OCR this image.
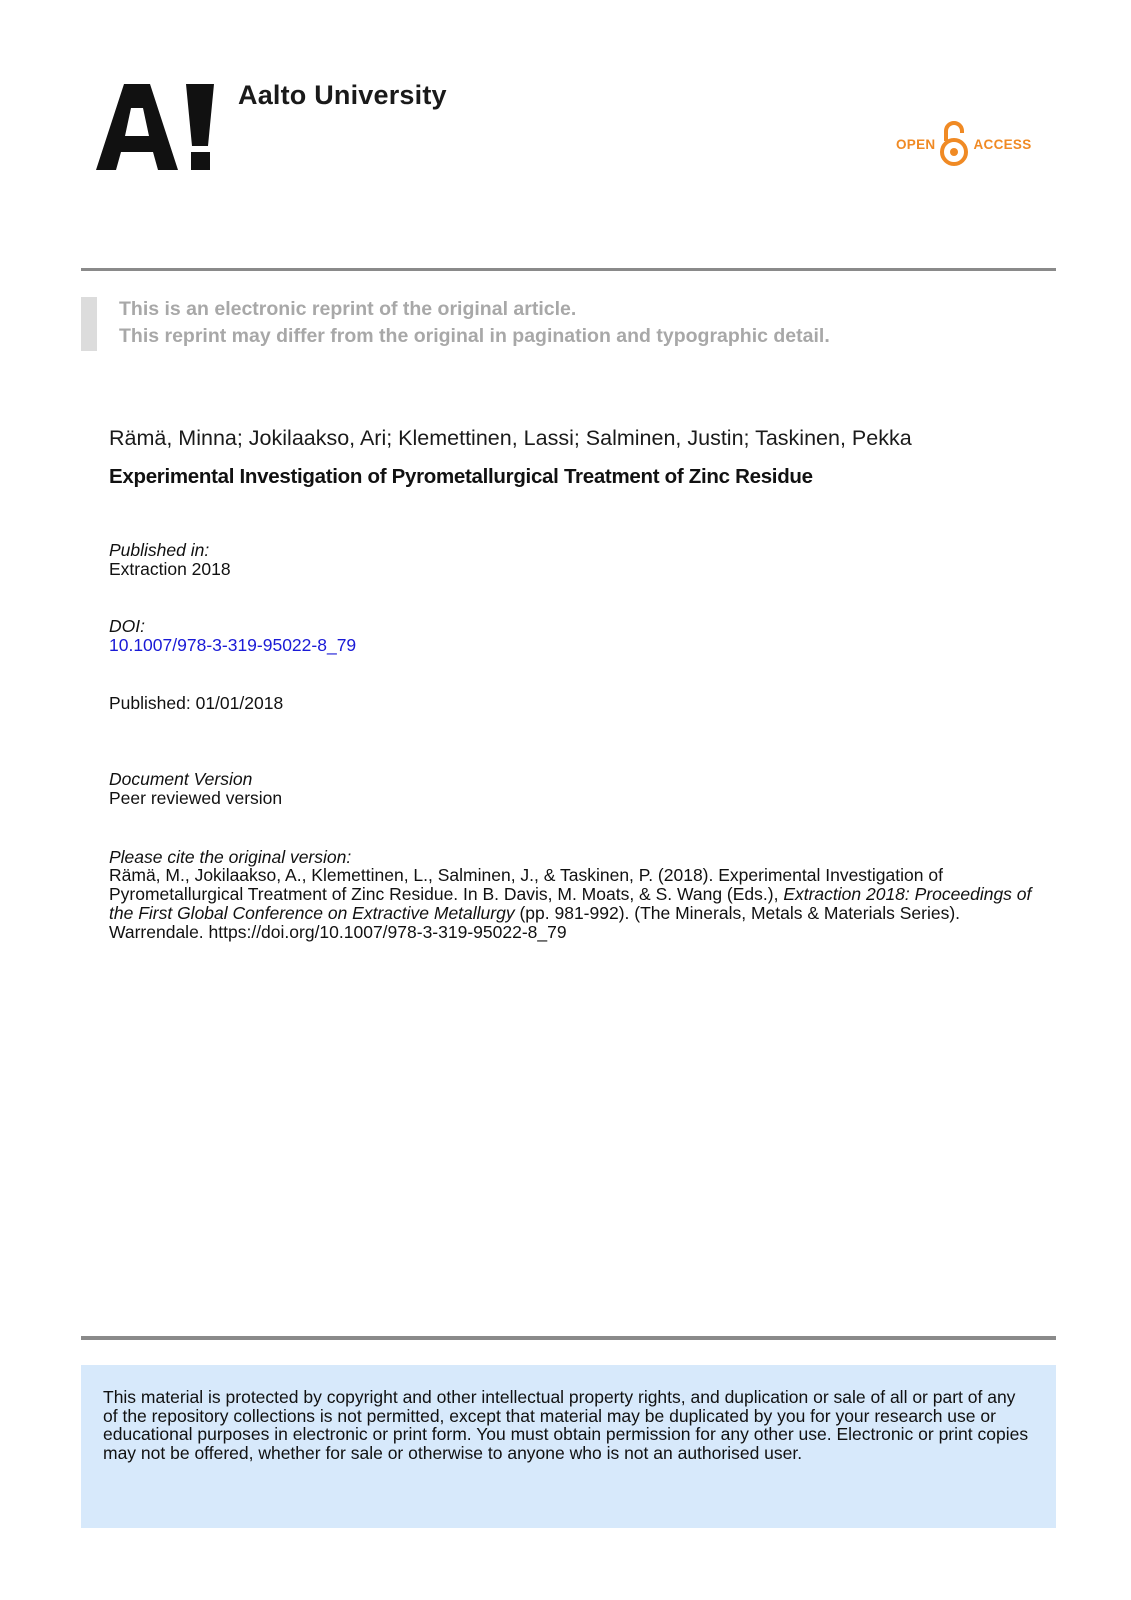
Aalto University
OPEN	ACCESS
This is an electronic reprint of the original article.
This reprint may differ from the original in pagination and typographic detail.
Rämä, Minna; Jokilaakso, Ari; Klemettinen, Lassi; Salminen, Justin; Taskinen, Pekka
Experimental Investigation of Pyrometallurgical Treatment of Zinc Residue
Published in:
Extraction 2018
DOI:
10.1007/978-3-319-95022-8_79
Published: 01/01/2018
Document Version
Peer reviewed version
Please cite the original version:
Rämä, M., Jokilaakso, A., Klemettinen, L., Salminen, J., & Taskinen, P. (2018). Experimental Investigation of Pyrometallurgical Treatment of Zinc Residue. In B. Davis, M. Moats, & S. Wang (Eds.), Extraction 2018: Proceedings of the First Global Conference on Extractive Metallurgy (pp. 981-992). (The Minerals, Metals & Materials Series). Warrendale. https://doi.org/10.1007/978-3-319-95022-8_79
This material is protected by copyright and other intellectual property rights, and duplication or sale of all or part of any of the repository collections is not permitted, except that material may be duplicated by you for your research use or educational purposes in electronic or print form. You must obtain permission for any other use. Electronic or print copies may not be offered, whether for sale or otherwise to anyone who is not an authorised user.
